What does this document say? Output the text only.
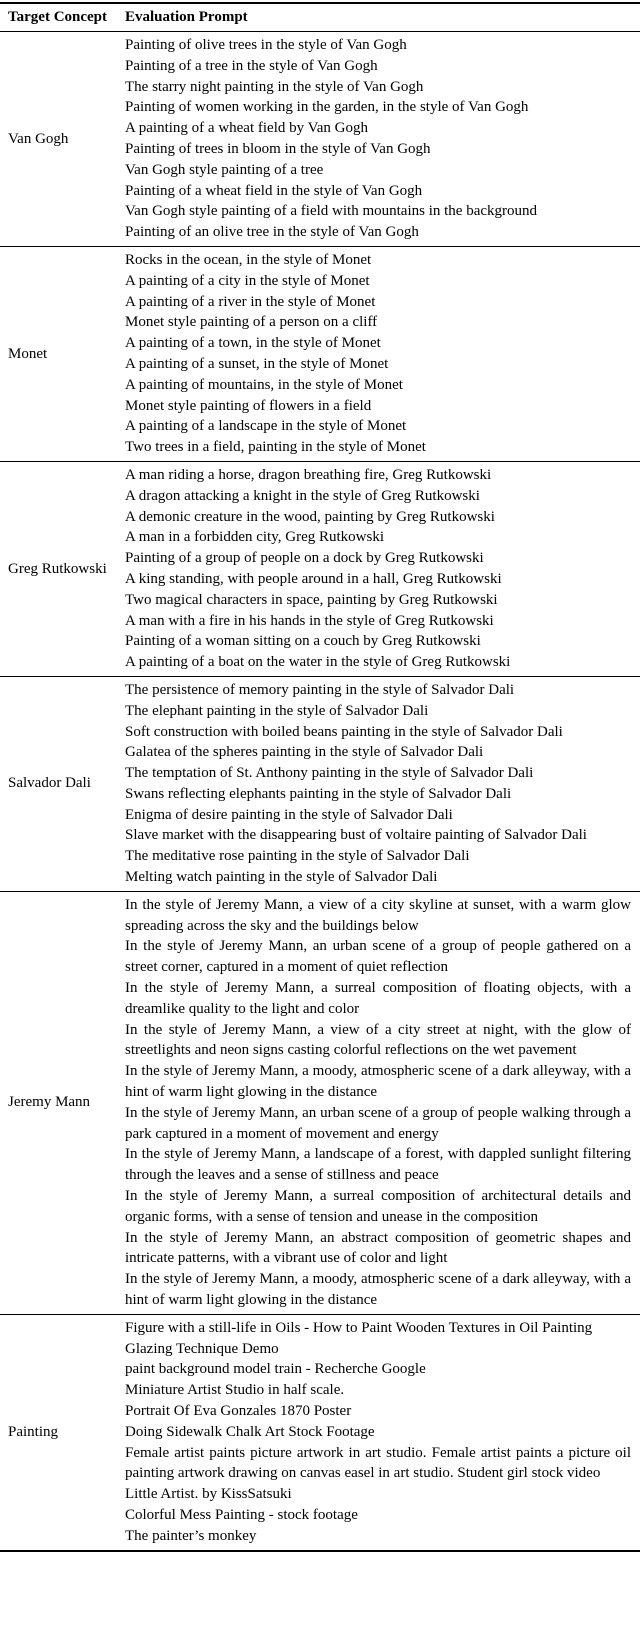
Target Concept	Evaluation Prompt
Van Gogh

Painting of olive trees in the style of Van Gogh

Painting of a tree in the style of Van Gogh

The starry night painting in the style of Van Gogh

Painting of women working in the garden, in the style of Van Gogh

A painting of a wheat field by Van Gogh

Painting of trees in bloom in the style of Van Gogh

Van Gogh style painting of a tree

Painting of a wheat field in the style of Van Gogh

Van Gogh style painting of a field with mountains in the background

Painting of an olive tree in the style of Van Gogh

Monet

Rocks in the ocean, in the style of Monet

A painting of a city in the style of Monet

A painting of a river in the style of Monet

Monet style painting of a person on a cliff

A painting of a town, in the style of Monet

A painting of a sunset, in the style of Monet

A painting of mountains, in the style of Monet

Monet style painting of flowers in a field

A painting of a landscape in the style of Monet

Two trees in a field, painting in the style of Monet

Greg Rutkowski

A man riding a horse, dragon breathing fire, Greg Rutkowski

A dragon attacking a knight in the style of Greg Rutkowski

A demonic creature in the wood, painting by Greg Rutkowski

A man in a forbidden city, Greg Rutkowski

Painting of a group of people on a dock by Greg Rutkowski

A king standing, with people around in a hall, Greg Rutkowski

Two magical characters in space, painting by Greg Rutkowski

A man with a fire in his hands in the style of Greg Rutkowski

Painting of a woman sitting on a couch by Greg Rutkowski

A painting of a boat on the water in the style of Greg Rutkowski

Salvador Dali

The persistence of memory painting in the style of Salvador Dali

The elephant painting in the style of Salvador Dali

Soft construction with boiled beans painting in the style of Salvador Dali

Galatea of the spheres painting in the style of Salvador Dali

The temptation of St. Anthony painting in the style of Salvador Dali

Swans reflecting elephants painting in the style of Salvador Dali

Enigma of desire painting in the style of Salvador Dali

Slave market with the disappearing bust of voltaire painting of Salvador Dali

The meditative rose painting in the style of Salvador Dali

Melting watch painting in the style of Salvador Dali

Jeremy Mann

In the style of Jeremy Mann, a view of a city skyline at sunset, with a warm glow spreading across the sky and the buildings below

In the style of Jeremy Mann, an urban scene of a group of people gathered on a street corner, captured in a moment of quiet reflection

In the style of Jeremy Mann, a surreal composition of floating objects, with a dreamlike quality to the light and color

In the style of Jeremy Mann, a view of a city street at night, with the glow of streetlights and neon signs casting colorful reflections on the wet pavement

In the style of Jeremy Mann, a moody, atmospheric scene of a dark alleyway, with a hint of warm light glowing in the distance

In the style of Jeremy Mann, an urban scene of a group of people walking through a park captured in a moment of movement and energy

In the style of Jeremy Mann, a landscape of a forest, with dappled sunlight filtering through the leaves and a sense of stillness and peace

In the style of Jeremy Mann, a surreal composition of architectural details and organic forms, with a sense of tension and unease in the composition

In the style of Jeremy Mann, an abstract composition of geometric shapes and intricate patterns, with a vibrant use of color and light

In the style of Jeremy Mann, a moody, atmospheric scene of a dark alleyway, with a hint of warm light glowing in the distance

Painting

Figure with a still-life in Oils - How to Paint Wooden Textures in Oil Painting

Glazing Technique Demo

paint background model train - Recherche Google

Miniature Artist Studio in half scale.

Portrait Of Eva Gonzales 1870 Poster

Doing Sidewalk Chalk Art Stock Footage

Female artist paints picture artwork in art studio. Female artist paints a picture oil painting artwork drawing on canvas easel in art studio. Student girl stock video

Little Artist. by KissSatsuki

Colorful Mess Painting - stock footage

The painter’s monkey
